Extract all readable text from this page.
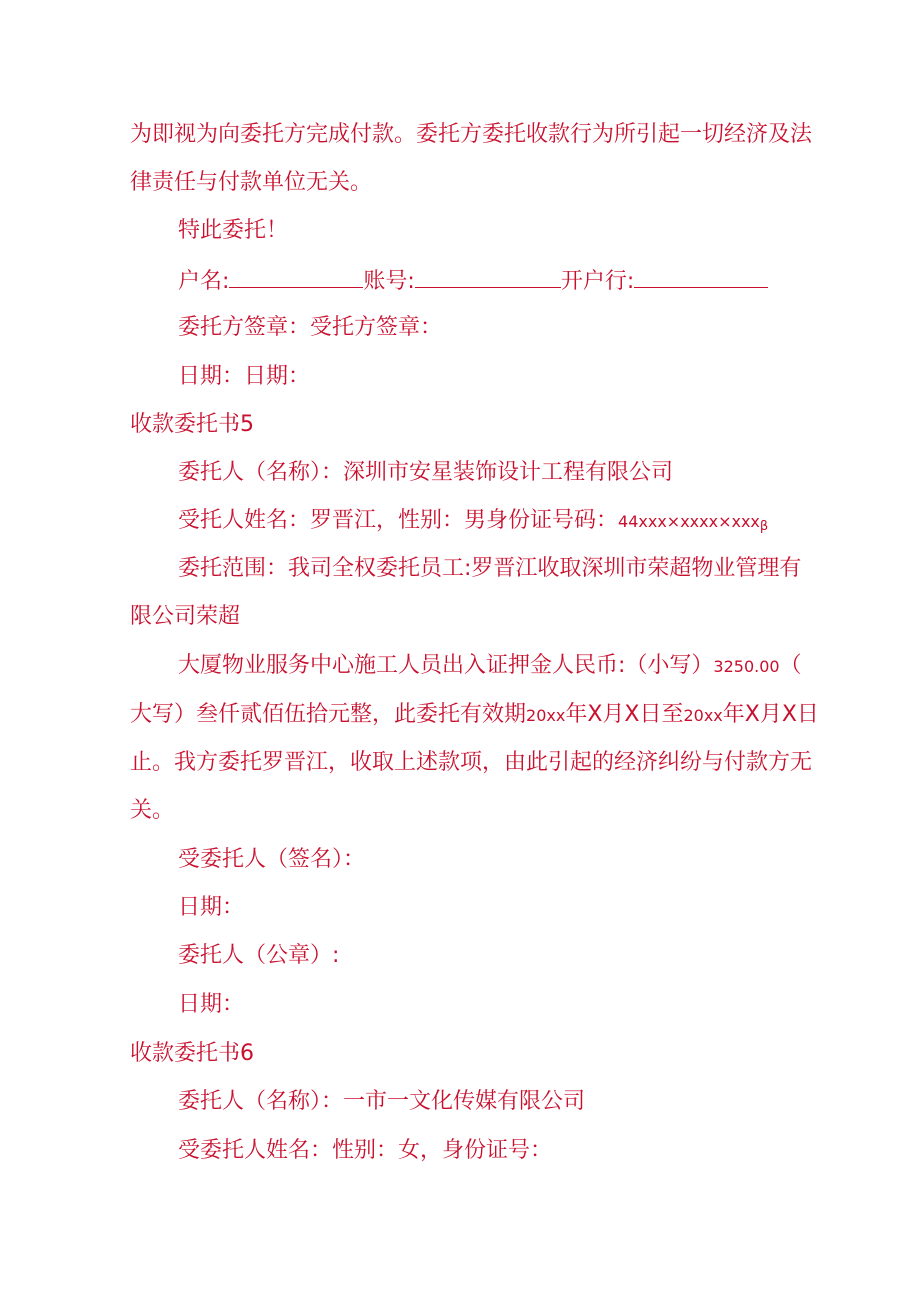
为即视为向委托方完成付款。委托方委托收款行为所引起一切经济及法
律责任与付款单位无关。
特此委托！
户名:	账号:	开户行:
委托方签章：受托方签章：
日期：日期：
收款委托书5
委托人（名称）：深圳市安星装饰设计工程有限公司
受托人姓名：罗晋江，性别：男身份证号码：44xxx×xxxx×xxx$_\beta$
委托范围：我司全权委托员工:罗晋江收取深圳市荣超物业管理有
限公司荣超
大厦物业服务中心施工人员出入证押金人民币:（小写）3250.00（
大写）叁仟贰佰伍拾元整，此委托有效期20xx年X月X日至20xx年X月X日
止。我方委托罗晋江，收取上述款项，由此引起的经济纠纷与付款方无
关。
受委托人（签名）：
日期：
委托人（公章）:
日期：
收款委托书6
委托人（名称）：一市一文化传媒有限公司
受委托人姓名：性别：女，身份证号：
